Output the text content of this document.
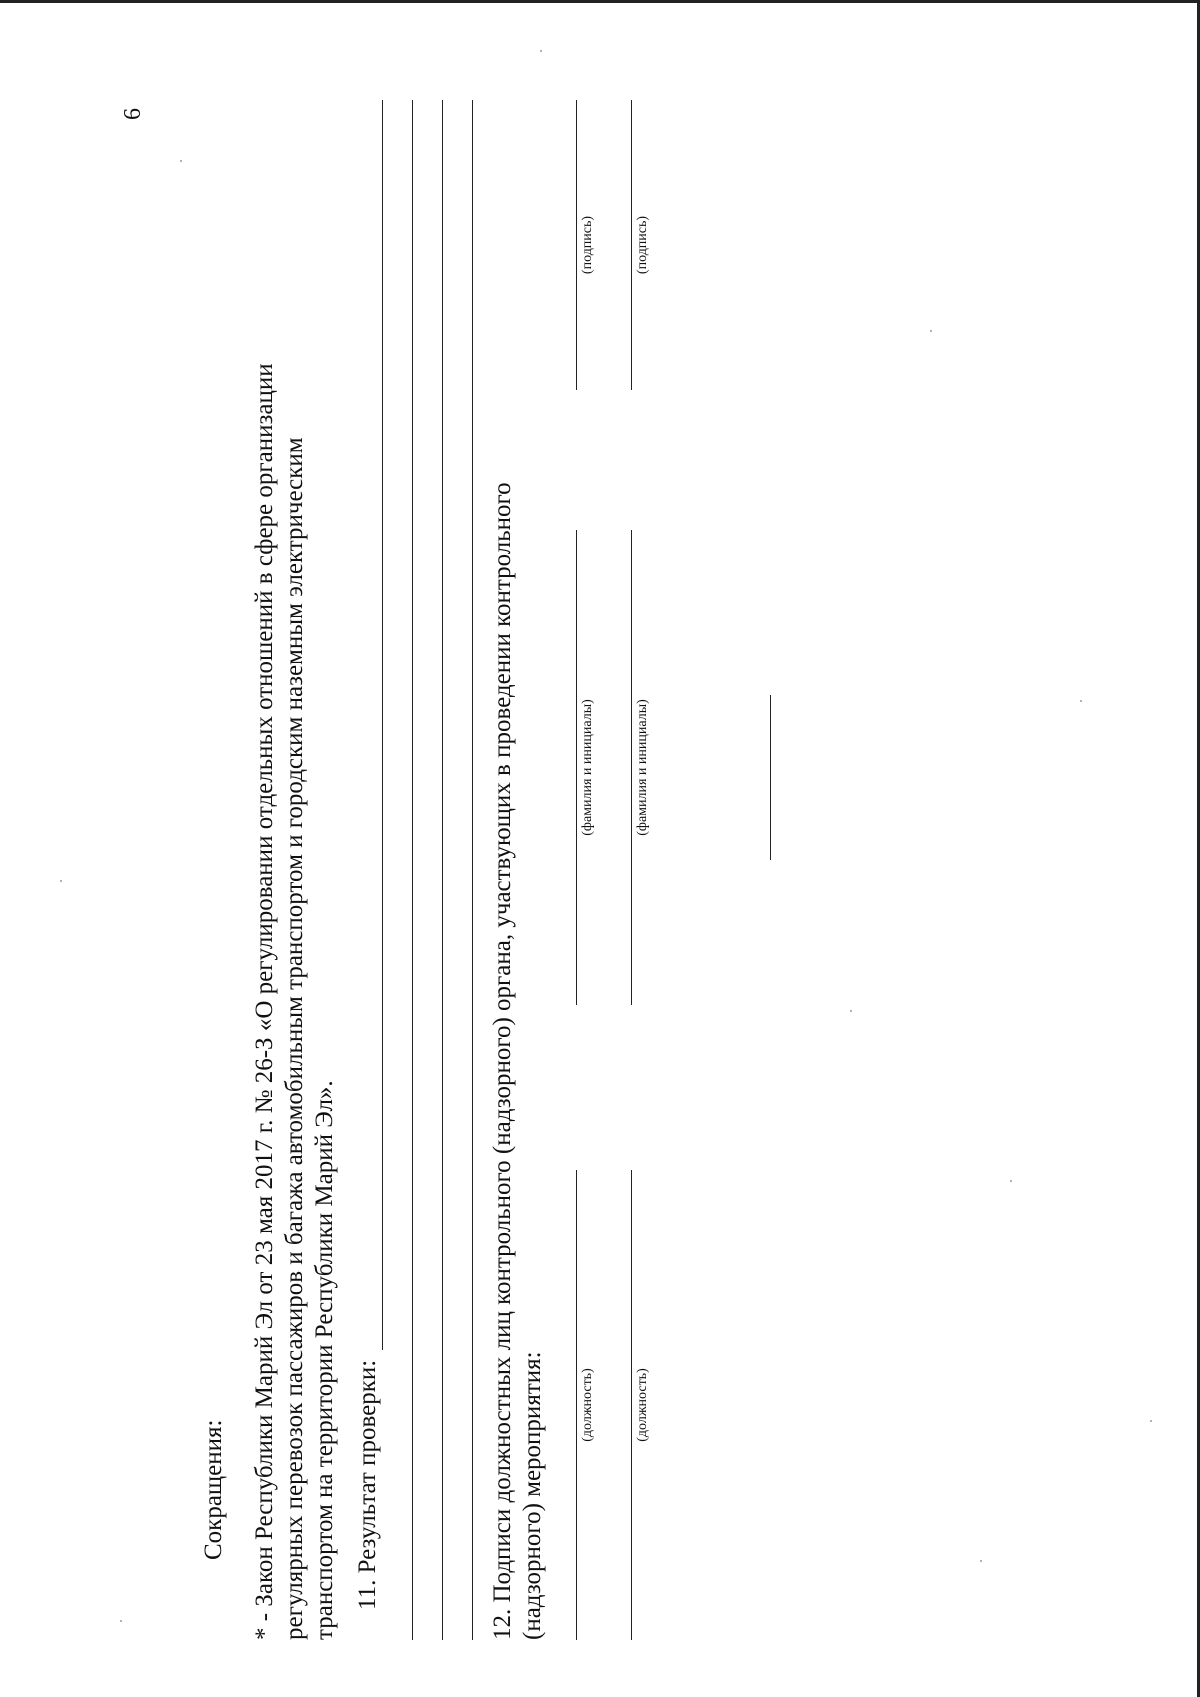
6
Сокращения: * - Закон Республики Марий Эл от 23 мая 2017 г. № 26-З «О регулировании отдельных отношений в сфере организации регулярных перевозок пассажиров и багажа автомобильным транспортом и городским наземным электрическим транспортом на территории Республики Марий Эл». 11. Результат проверки:	12. Подписи должностных лиц контрольного (надзорного) органа, участвующих в проведении контрольного (надзорного) мероприятия: (должность)
(фамилия и инициалы)
(подпись)
(должность)
(фамилия и инициалы)
(подпись)
